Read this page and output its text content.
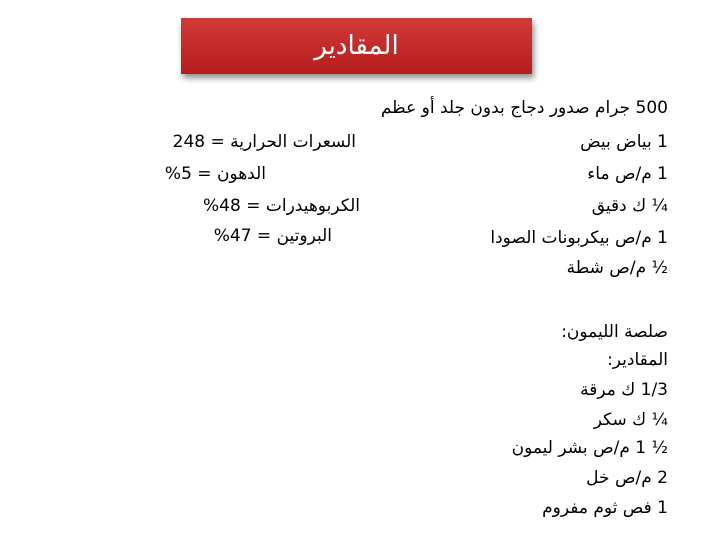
المقادير
500 جرام صدور دجاج بدون جلد أو عظم
1 بياض بيض
1 م/ص ماء
¼ ك دقيق
1 م/ص بيكربونات الصودا
½ م/ص شطة
السعرات الحرارية = 248
الدهون = 5%
الكربوهيدرات = 48%
البروتين = 47%
صلصة الليمون:
المقادير:
1/3 ك مرقة
¼ ك سكر
½ 1 م/ص بشر ليمون
2 م/ص خل
1 فص ثوم مفروم
